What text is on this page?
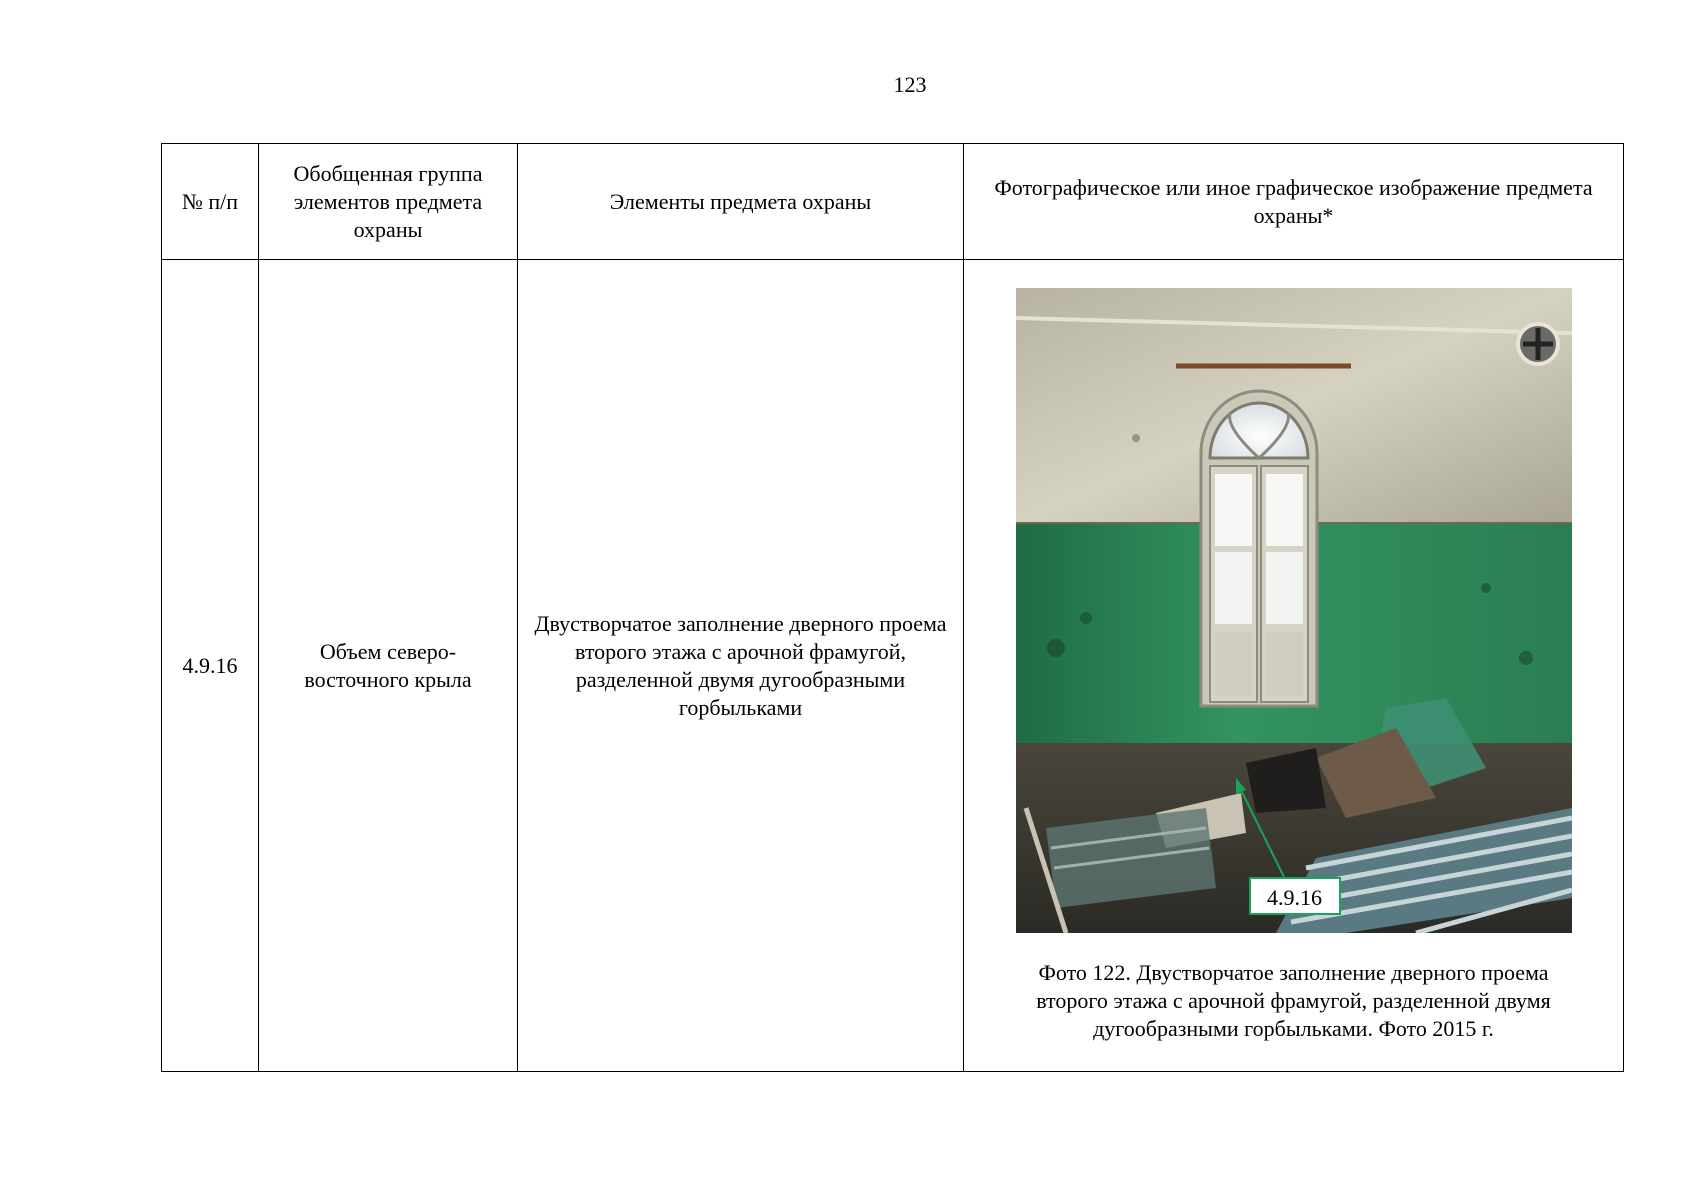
123
№ п/п	Обобщенная группа элементов предмета охраны	Элементы предмета охраны	Фотографическое или иное графическое изображение предмета охраны*
4.9.16	Объем северо-восточного крыла	Двустворчатое заполнение дверного проема второго этажа с арочной фрамугой, разделенной двумя дугообразными горбыльками	4.9.16
Фото 122. Двустворчатое заполнение дверного проема второго этажа с арочной фрамугой, разделенной двумя дугообразными горбыльками. Фото 2015 г.
